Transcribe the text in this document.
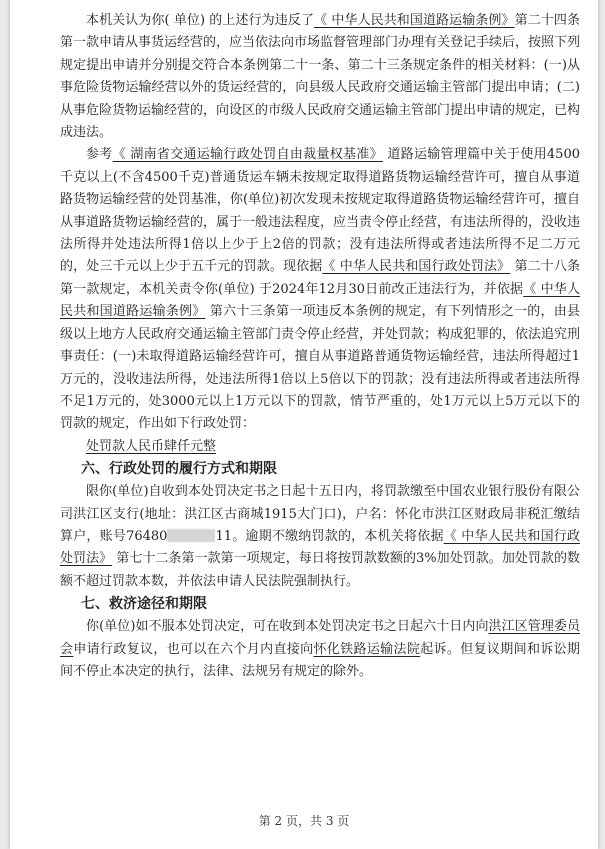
本机关认为你( 单位) 的上述行为违反了《 中华人民共和国道路运输条例》第二十四条第一款申请从事货运经营的，应当依法向市场监督管理部门办理有关登记手续后，按照下列规定提出申请并分别提交符合本条例第二十一条、第二十三条规定条件的相关材料：(一)从事危险货物运输经营以外的货运经营的，向县级人民政府交通运输主管部门提出申请；(二)从事危险货物运输经营的，向设区的市级人民政府交通运输主管部门提出申请的规定，已构成违法。

参考《 湖南省交通运输行政处罚自由裁量权基准》 道路运输管理篇中关于使用4500千克以上(不含4500千克)普通货运车辆未按规定取得道路货物运输经营许可，擅自从事道路货物运输经营的处罚基准，你(单位)初次发现未按规定取得道路货物运输经营许可，擅自从事道路货物运输经营的，属于一般违法程度，应当责令停止经营，有违法所得的，没收违法所得并处违法所得1倍以上少于上2倍的罚款；没有违法所得或者违法所得不足二万元的，处三千元以上少于五千元的罚款。现依据《 中华人民共和国行政处罚法》 第二十八条第一款规定，本机关责令你(单位) 于2024年12月30日前改正违法行为，并依据《 中华人民共和国道路运输条例》 第六十三条第一项违反本条例的规定，有下列情形之一的，由县级以上地方人民政府交通运输主管部门责令停止经营，并处罚款；构成犯罪的，依法追究刑事责任：(一)未取得道路运输经营许可，擅自从事道路普通货物运输经营，违法所得超过1万元的，没收违法所得，处违法所得1倍以上5倍以下的罚款；没有违法所得或者违法所得不足1万元的，处3000元以上1万元以下的罚款，情节严重的，处1万元以上5万元以下的罚款的规定，作出如下行政处罚：

处罚款人民币肆仟元整

六、行政处罚的履行方式和期限

限你(单位)自收到本处罚决定书之日起十五日内，将罚款缴至中国农业银行股份有限公司洪江区支行(地址：洪江区古商城1915大门口)，户名：怀化市洪江区财政局非税汇缴结算户，账号76480	11。逾期不缴纳罚款的，本机关将依据《 中华人民共和国行政处罚法》 第七十二条第一款第一项规定，每日将按罚款数额的3%加处罚款。加处罚款的数额不超过罚款本数，并依法申请人民法院强制执行。

七、救济途径和期限

你(单位)如不服本处罚决定，可在收到本处罚决定书之日起六十日内向洪江区管理委员会申请行政复议，也可以在六个月内直接向怀化铁路运输法院起诉。但复议期间和诉讼期间不停止本决定的执行，法律、法规另有规定的除外。

第 2 页，共 3 页
